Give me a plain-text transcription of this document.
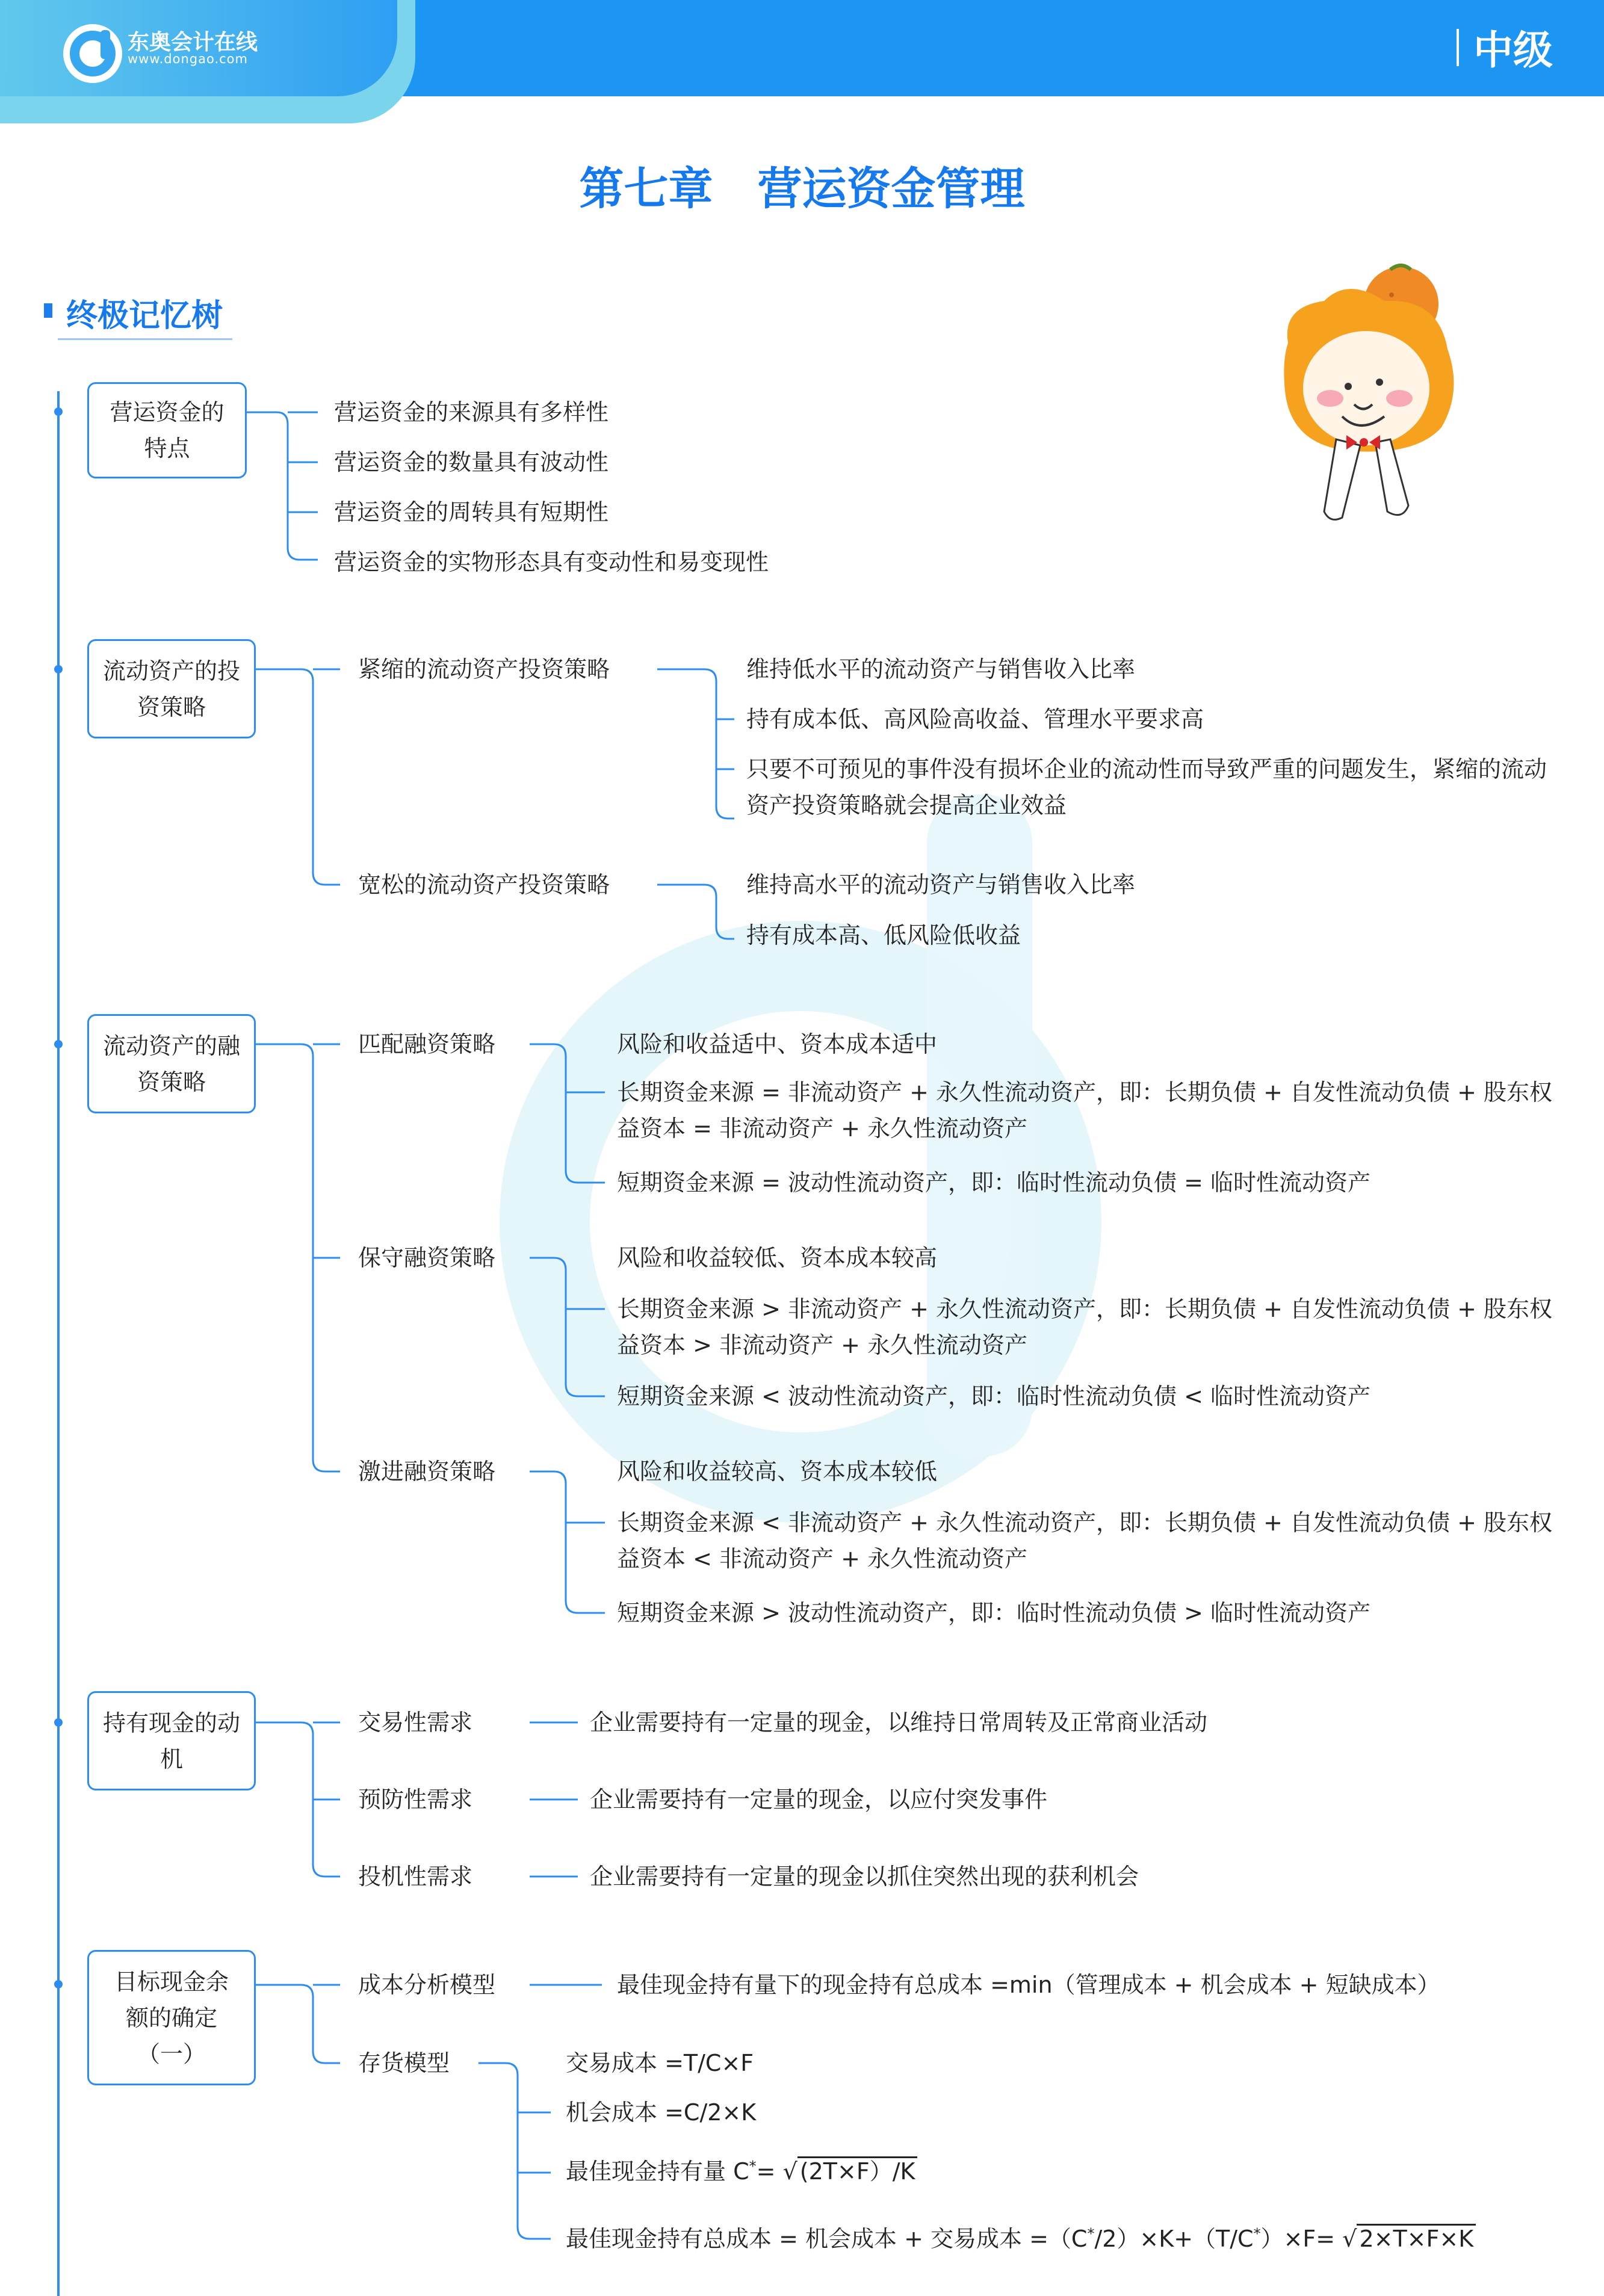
东奥会计在线
www.dongao.com	中级
第七章　营运资金管理
终极记忆树
营运资金的特点
营运资金的来源具有多样性
营运资金的数量具有波动性
营运资金的周转具有短期性
营运资金的实物形态具有变动性和易变现性
流动资产的投资策略
紧缩的流动资产投资策略	维持低水平的流动资产与销售收入比率
持有成本低、高风险高收益、管理水平要求高
只要不可预见的事件没有损坏企业的流动性而导致严重的问题发生，紧缩的流动资产投资策略就会提高企业效益
宽松的流动资产投资策略	维持高水平的流动资产与销售收入比率
持有成本高、低风险低收益
流动资产的融资策略
匹配融资策略	风险和收益适中、资本成本适中
长期资金来源 = 非流动资产 + 永久性流动资产，即：长期负债 + 自发性流动负债 + 股东权益资本 = 非流动资产 + 永久性流动资产
短期资金来源 = 波动性流动资产，即：临时性流动负债 = 临时性流动资产
保守融资策略	风险和收益较低、资本成本较高
长期资金来源 > 非流动资产 + 永久性流动资产，即：长期负债 + 自发性流动负债 + 股东权益资本 > 非流动资产 + 永久性流动资产
短期资金来源 < 波动性流动资产，即：临时性流动负债 < 临时性流动资产
激进融资策略	风险和收益较高、资本成本较低
长期资金来源 < 非流动资产 + 永久性流动资产，即：长期负债 + 自发性流动负债 + 股东权益资本 < 非流动资产 + 永久性流动资产
短期资金来源 > 波动性流动资产，即：临时性流动负债 > 临时性流动资产
持有现金的动机
交易性需求	企业需要持有一定量的现金，以维持日常周转及正常商业活动
预防性需求	企业需要持有一定量的现金，以应付突发事件
投机性需求	企业需要持有一定量的现金以抓住突然出现的获利机会
目标现金余额的确定（一）
成本分析模型	最佳现金持有量下的现金持有总成本 =min（管理成本 + 机会成本 + 短缺成本）
存货模型	交易成本 =T/C×F
机会成本 =C/2×K
最佳现金持有量 C*= √ (2T×F）/K
最佳现金持有总成本 = 机会成本 + 交易成本 =（C*/2）×K+（T/C*）×F= √ 2×T×F×K
